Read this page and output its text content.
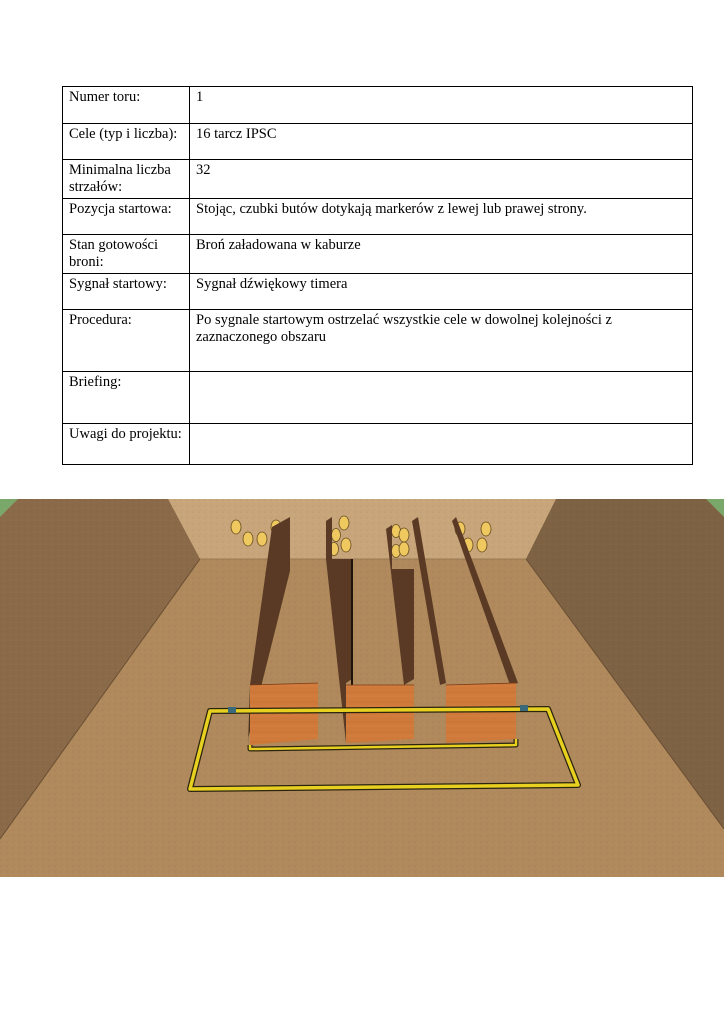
Numer toru:	1
Cele (typ i liczba):	16 tarcz IPSC
Minimalna liczba strzałów:	32
Pozycja startowa:	Stojąc, czubki butów dotykają markerów z lewej lub prawej strony.
Stan gotowości broni:	Broń załadowana w kaburze
Sygnał startowy:	Sygnał dźwiękowy timera
Procedura:	Po sygnale startowym ostrzelać wszystkie cele w dowolnej kolejności z zaznaczonego obszaru
Briefing:	
Uwagi do projektu:	
